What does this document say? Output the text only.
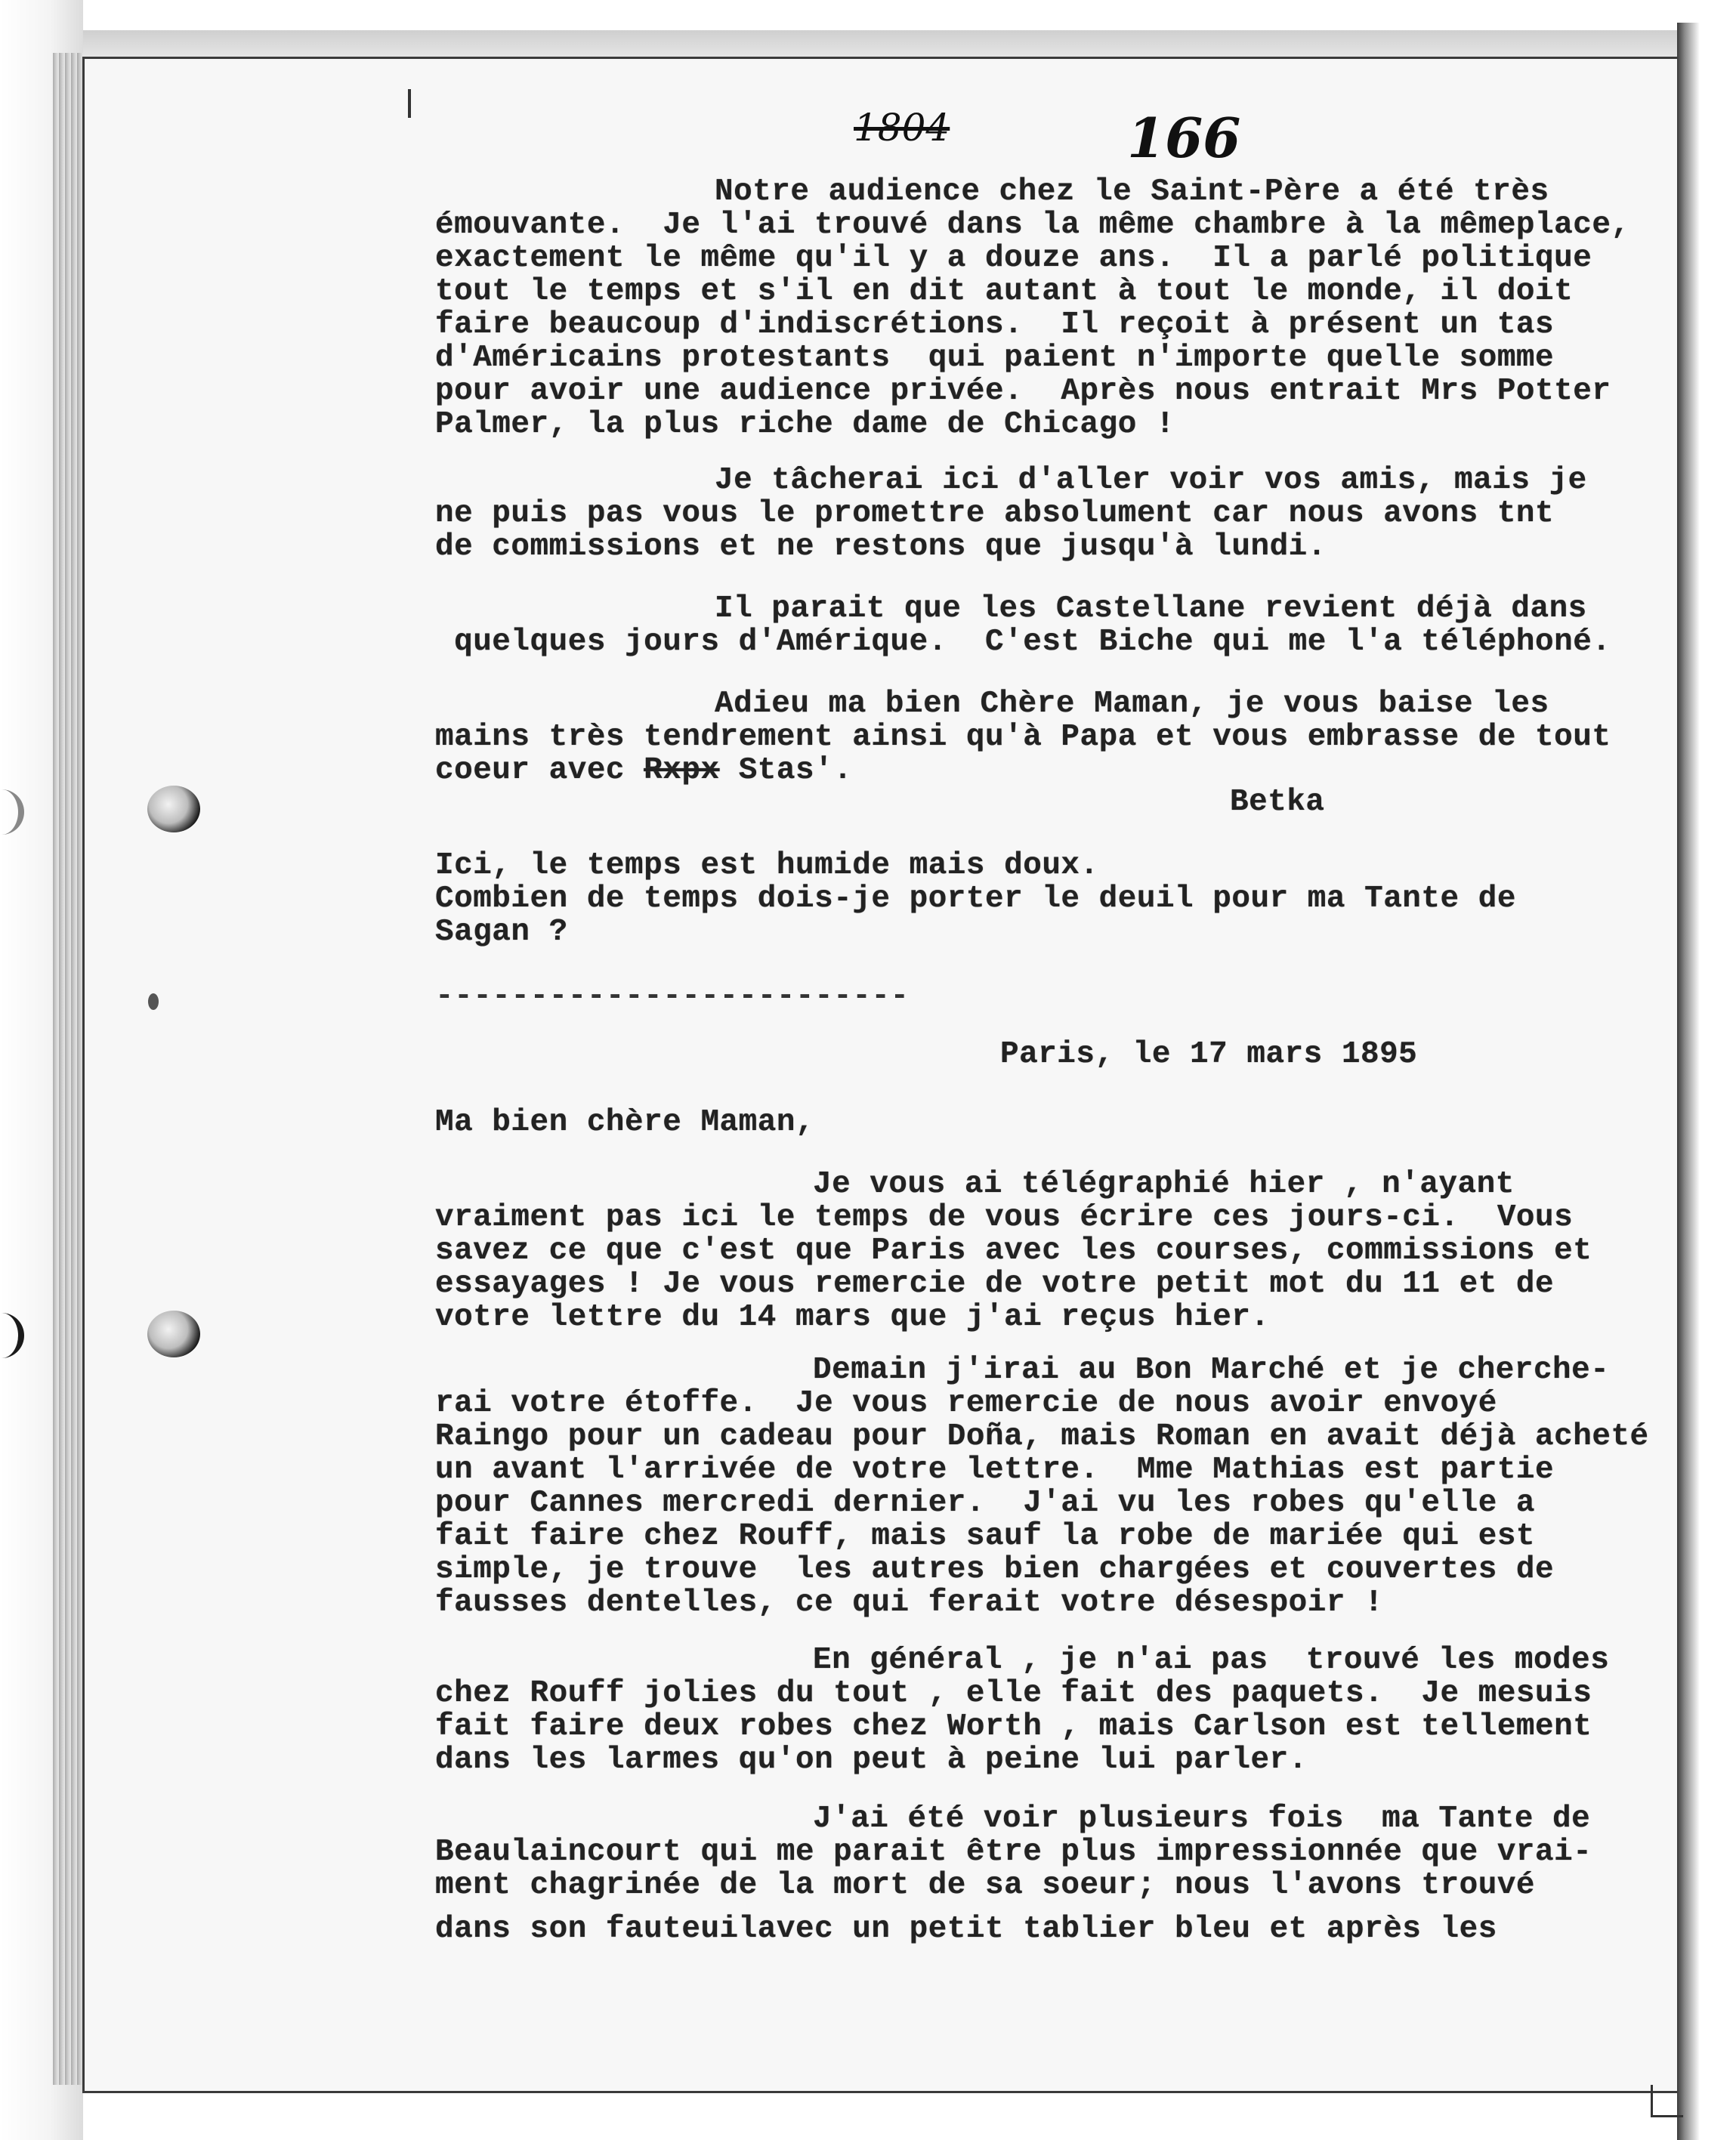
1804	166
Notre audience chez le Saint-Père a été très
émouvante.  Je l'ai trouvé dans la même chambre à la mêmeplace,
exactement le même qu'il y a douze ans.  Il a parlé politique
tout le temps et s'il en dit autant à tout le monde, il doit
faire beaucoup d'indiscrétions.  Il reçoit à présent un tas
d'Américains protestants  qui paient n'importe quelle somme
pour avoir une audience privée.  Après nous entrait Mrs Potter
Palmer, la plus riche dame de Chicago !
Je tâcherai ici d'aller voir vos amis, mais je
ne puis pas vous le promettre absolument car nous avons tnt
de commissions et ne restons que jusqu'à lundi.
Il parait que les Castellane revient déjà dans
quelques jours d'Amérique.  C'est Biche qui me l'a téléphoné.
Adieu ma bien Chère Maman, je vous baise les
mains très tendrement ainsi qu'à Papa et vous embrasse de tout
coeur avec Rxpx Stas'.
Betka
Ici, le temps est humide mais doux.
Combien de temps dois-je porter le deuil pour ma Tante de
Sagan ?
-------------------------
Paris, le 17 mars 1895
Ma bien chère Maman,
Je vous ai télégraphié hier , n'ayant
vraiment pas ici le temps de vous écrire ces jours-ci.  Vous
savez ce que c'est que Paris avec les courses, commissions et
essayages ! Je vous remercie de votre petit mot du 11 et de
votre lettre du 14 mars que j'ai reçus hier.
Demain j'irai au Bon Marché et je cherche-
rai votre étoffe.  Je vous remercie de nous avoir envoyé
Raingo pour un cadeau pour Doña, mais Roman en avait déjà acheté
un avant l'arrivée de votre lettre.  Mme Mathias est partie
pour Cannes mercredi dernier.  J'ai vu les robes qu'elle a
fait faire chez Rouff, mais sauf la robe de mariée qui est
simple, je trouve  les autres bien chargées et couvertes de
fausses dentelles, ce qui ferait votre désespoir !
En général , je n'ai pas  trouvé les modes
chez Rouff jolies du tout , elle fait des paquets.  Je mesuis
fait faire deux robes chez Worth , mais Carlson est tellement
dans les larmes qu'on peut à peine lui parler.
J'ai été voir plusieurs fois  ma Tante de
Beaulaincourt qui me parait être plus impressionnée que vrai-
ment chagrinée de la mort de sa soeur; nous l'avons trouvé
dans son fauteuilavec un petit tablier bleu et après les
